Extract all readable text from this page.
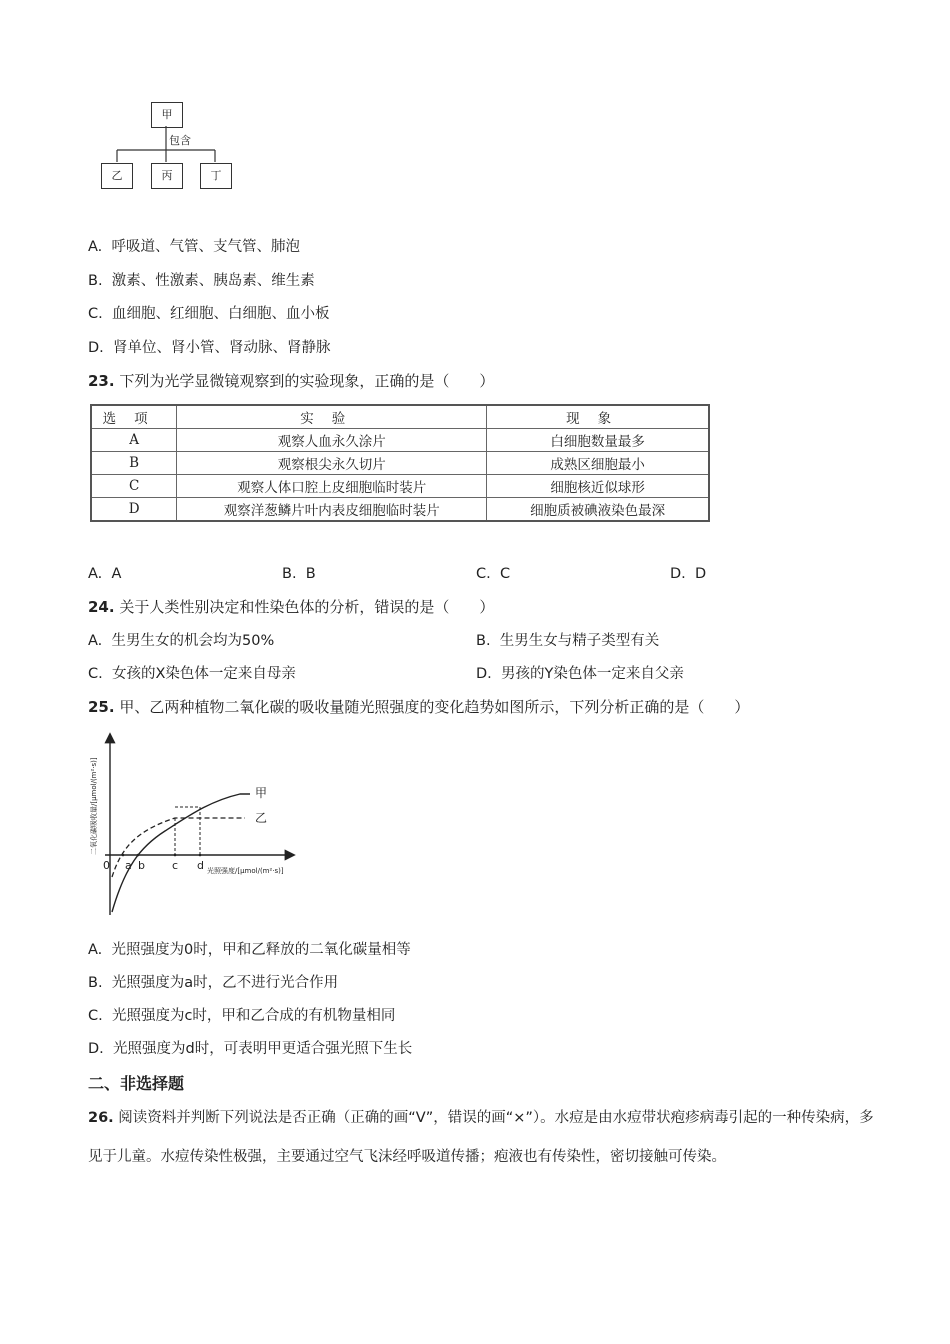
甲
包含
乙	丙	丁
A. 呼吸道、气管、支气管、肺泡
B. 激素、性激素、胰岛素、维生素
C. 血细胞、红细胞、白细胞、血小板
D. 肾单位、肾小管、肾动脉、肾静脉
23. 下列为光学显微镜观察到的实验现象，正确的是（　　）
选项	实验	现象
A	观察人血永久涂片	白细胞数量最多
B	观察根尖永久切片	成熟区细胞最小
C	观察人体口腔上皮细胞临时装片	细胞核近似球形
D	观察洋葱鳞片叶内表皮细胞临时装片	细胞质被碘液染色最深
A. A	B. B	C. C	D. D
24. 关于人类性别决定和性染色体的分析，错误的是（　　）
A. 生男生女的机会均为50%	B. 生男生女与精子类型有关
C. 女孩的X染色体一定来自母亲	D. 男孩的Y染色体一定来自父亲
25. 甲、乙两种植物二氧化碳的吸收量随光照强度的变化趋势如图所示，下列分析正确的是（　　）
二氧化碳吸收量/[μmol/(m²·s)]
光照强度/[μmol/(m²·s)]
0 a b c d
甲
乙
A. 光照强度为0时，甲和乙释放的二氧化碳量相等
B. 光照强度为a时，乙不进行光合作用
C. 光照强度为c时，甲和乙合成的有机物量相同
D. 光照强度为d时，可表明甲更适合强光照下生长
二、非选择题
26. 阅读资料并判断下列说法是否正确（正确的画“V”，错误的画“×”）。水痘是由水痘带状疱疹病毒引起的一种传染病，多见于儿童。水痘传染性极强，主要通过空气飞沫经呼吸道传播；疱液也有传染性，密切接触可传染。
